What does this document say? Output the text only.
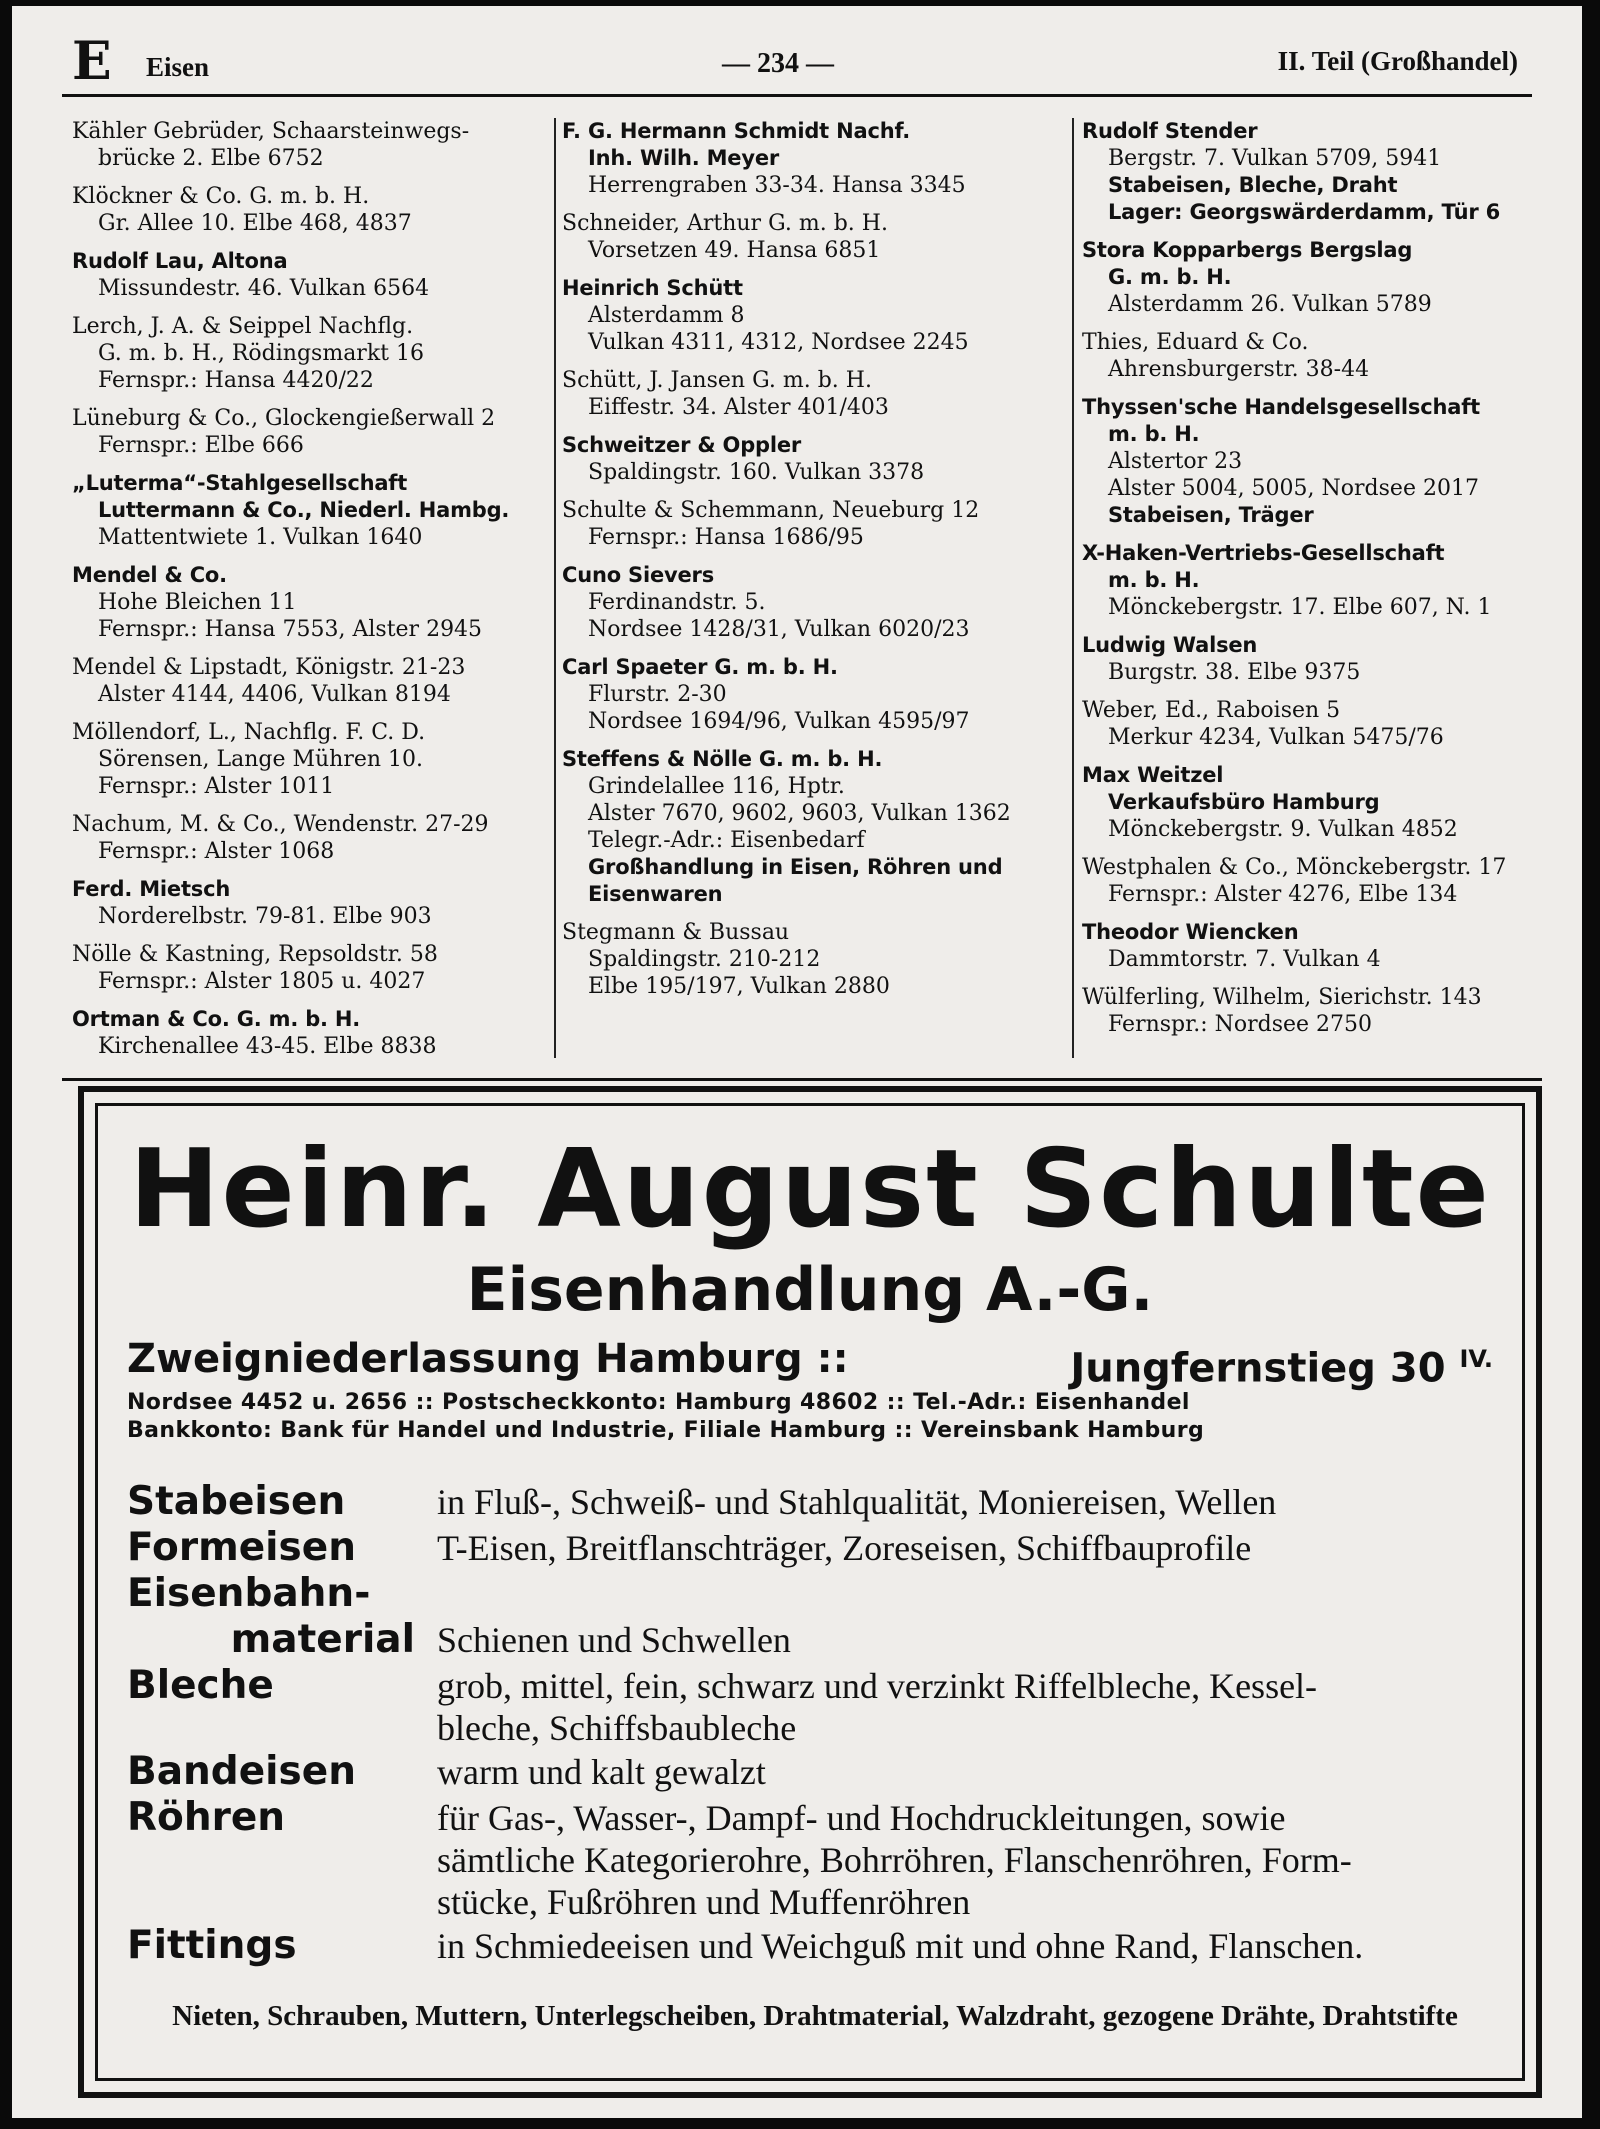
E Eisen	— 234 —	II. Teil (Großhandel)
Kähler Gebrüder, Schaarsteinwegs-
brücke 2. Elbe 6752
Klöckner & Co. G. m. b. H.
Gr. Allee 10. Elbe 468, 4837
Rudolf Lau, Altona
Missundestr. 46. Vulkan 6564
Lerch, J. A. & Seippel Nachflg.
G. m. b. H., Rödingsmarkt 16
Fernspr.: Hansa 4420/22
Lüneburg & Co., Glockengießerwall 2
Fernspr.: Elbe 666
„Luterma“-Stahlgesellschaft
Luttermann & Co., Niederl. Hambg.
Mattentwiete 1. Vulkan 1640
Mendel & Co.
Hohe Bleichen 11
Fernspr.: Hansa 7553, Alster 2945
Mendel & Lipstadt, Königstr. 21-23
Alster 4144, 4406, Vulkan 8194
Möllendorf, L., Nachflg. F. C. D.
Sörensen, Lange Mühren 10.
Fernspr.: Alster 1011
Nachum, M. & Co., Wendenstr. 27-29
Fernspr.: Alster 1068
Ferd. Mietsch
Norderelbstr. 79-81. Elbe 903
Nölle & Kastning, Repsoldstr. 58
Fernspr.: Alster 1805 u. 4027
Ortman & Co. G. m. b. H.
Kirchenallee 43-45. Elbe 8838
F. G. Hermann Schmidt Nachf.
Inh. Wilh. Meyer
Herrengraben 33-34. Hansa 3345
Schneider, Arthur G. m. b. H.
Vorsetzen 49. Hansa 6851
Heinrich Schütt
Alsterdamm 8
Vulkan 4311, 4312, Nordsee 2245
Schütt, J. Jansen G. m. b. H.
Eiffestr. 34. Alster 401/403
Schweitzer & Oppler
Spaldingstr. 160. Vulkan 3378
Schulte & Schemmann, Neueburg 12
Fernspr.: Hansa 1686/95
Cuno Sievers
Ferdinandstr. 5.
Nordsee 1428/31, Vulkan 6020/23
Carl Spaeter G. m. b. H.
Flurstr. 2-30
Nordsee 1694/96, Vulkan 4595/97
Steffens & Nölle G. m. b. H.
Grindelallee 116, Hptr.
Alster 7670, 9602, 9603, Vulkan 1362
Telegr.-Adr.: Eisenbedarf
Großhandlung in Eisen, Röhren und
Eisenwaren
Stegmann & Bussau
Spaldingstr. 210-212
Elbe 195/197, Vulkan 2880
Rudolf Stender
Bergstr. 7. Vulkan 5709, 5941
Stabeisen, Bleche, Draht
Lager: Georgswärderdamm, Tür 6
Stora Kopparbergs Bergslag
G. m. b. H.
Alsterdamm 26. Vulkan 5789
Thies, Eduard & Co.
Ahrensburgerstr. 38-44
Thyssen'sche Handelsgesellschaft
m. b. H.
Alstertor 23
Alster 5004, 5005, Nordsee 2017
Stabeisen, Träger
X-Haken-Vertriebs-Gesellschaft
m. b. H.
Mönckebergstr. 17. Elbe 607, N. 1
Ludwig Walsen
Burgstr. 38. Elbe 9375
Weber, Ed., Raboisen 5
Merkur 4234, Vulkan 5475/76
Max Weitzel
Verkaufsbüro Hamburg
Mönckebergstr. 9. Vulkan 4852
Westphalen & Co., Mönckebergstr. 17
Fernspr.: Alster 4276, Elbe 134
Theodor Wiencken
Dammtorstr. 7. Vulkan 4
Wülferling, Wilhelm, Sierichstr. 143
Fernspr.: Nordsee 2750
Heinr. August Schulte
Eisenhandlung A.-G.
Zweigniederlassung Hamburg ::	Jungfernstieg 30 $^{IV.}$
Nordsee 4452 u. 2656 :: Postscheckkonto: Hamburg 48602 :: Tel.-Adr.: Eisenhandel
Bankkonto: Bank für Handel und Industrie, Filiale Hamburg :: Vereinsbank Hamburg
Stabeisen	in Fluß-, Schweiß- und Stahlqualität, Moniereisen, Wellen
Formeisen	T-Eisen, Breitflanschträger, Zoreseisen, Schiffbauprofile
Eisenbahn-
material Schienen und Schwellen
Bleche	grob, mittel, fein, schwarz und verzinkt Riffelbleche, Kessel-
bleche, Schiffsbaubleche
Bandeisen	warm und kalt gewalzt
Röhren	für Gas-, Wasser-, Dampf- und Hochdruckleitungen, sowie
sämtliche Kategorierohre, Bohrröhren, Flanschenröhren, Form-
stücke, Fußröhren und Muffenröhren
Fittings	in Schmiedeeisen und Weichguß mit und ohne Rand, Flanschen.
Nieten, Schrauben, Muttern, Unterlegscheiben, Drahtmaterial, Walzdraht, gezogene Drähte, Drahtstifte
